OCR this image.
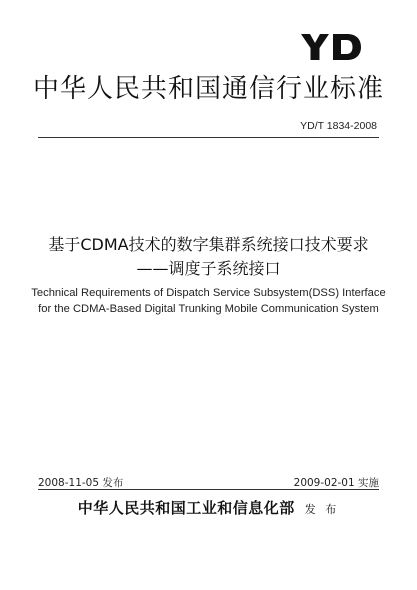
中华人民共和国通信行业标准
YD/T 1834-2008
基于CDMA技术的数字集群系统接口技术要求
——调度子系统接口
Technical Requirements of Dispatch Service Subsystem(DSS) Interface
for the CDMA-Based Digital Trunking Mobile Communication System
2008-11-05 发布	2009-02-01 实施
中华人民共和国工业和信息化部 发 布
